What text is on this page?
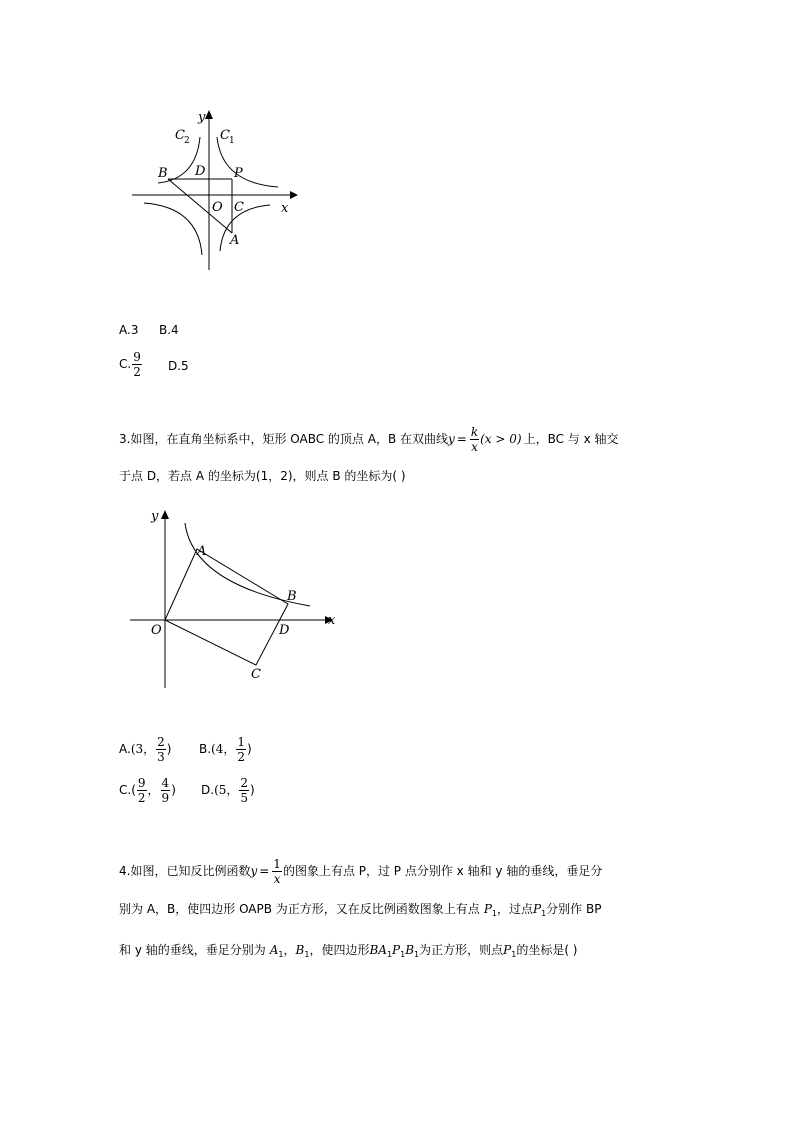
y
x
C 2 C 1
B D P
O C
A
A.3 B.4
C. $\frac{9}{2} D.5$
3.如图，在直角坐标系中，矩形 OABC 的顶点 A，B 在双曲线$y = \frac{k}{x} (x > 0)$ 上，BC 与 x 轴交
于点 D，若点 A 的坐标为(1，2)，则点 B 的坐标为( )
y
x
A
B
O	D
C
A.(3， $\frac{2}{3}$ ) B.(4， $\frac{1}{2}$ )
$C.( \frac{9}{2}$ ， $\frac{4}{9}$ ) D.(5， $\frac{2}{5}$ )
4.如图，已知反比例函数$y = \frac{1}{x}$ 的图象上有点 P，过 P 点分别作 x 轴和 y 轴的垂线，垂足分
别为 A，B，使四边形 OAPB 为正方形，又在反比例函数图象上有点 $P_1$，过点$P_1$分别作 BP
和 y 轴的垂线，垂足分别为 $A_1$，$B_1$，使四边形$BA_1P_1B_1$为正方形，则点$P_1$的坐标是( )
